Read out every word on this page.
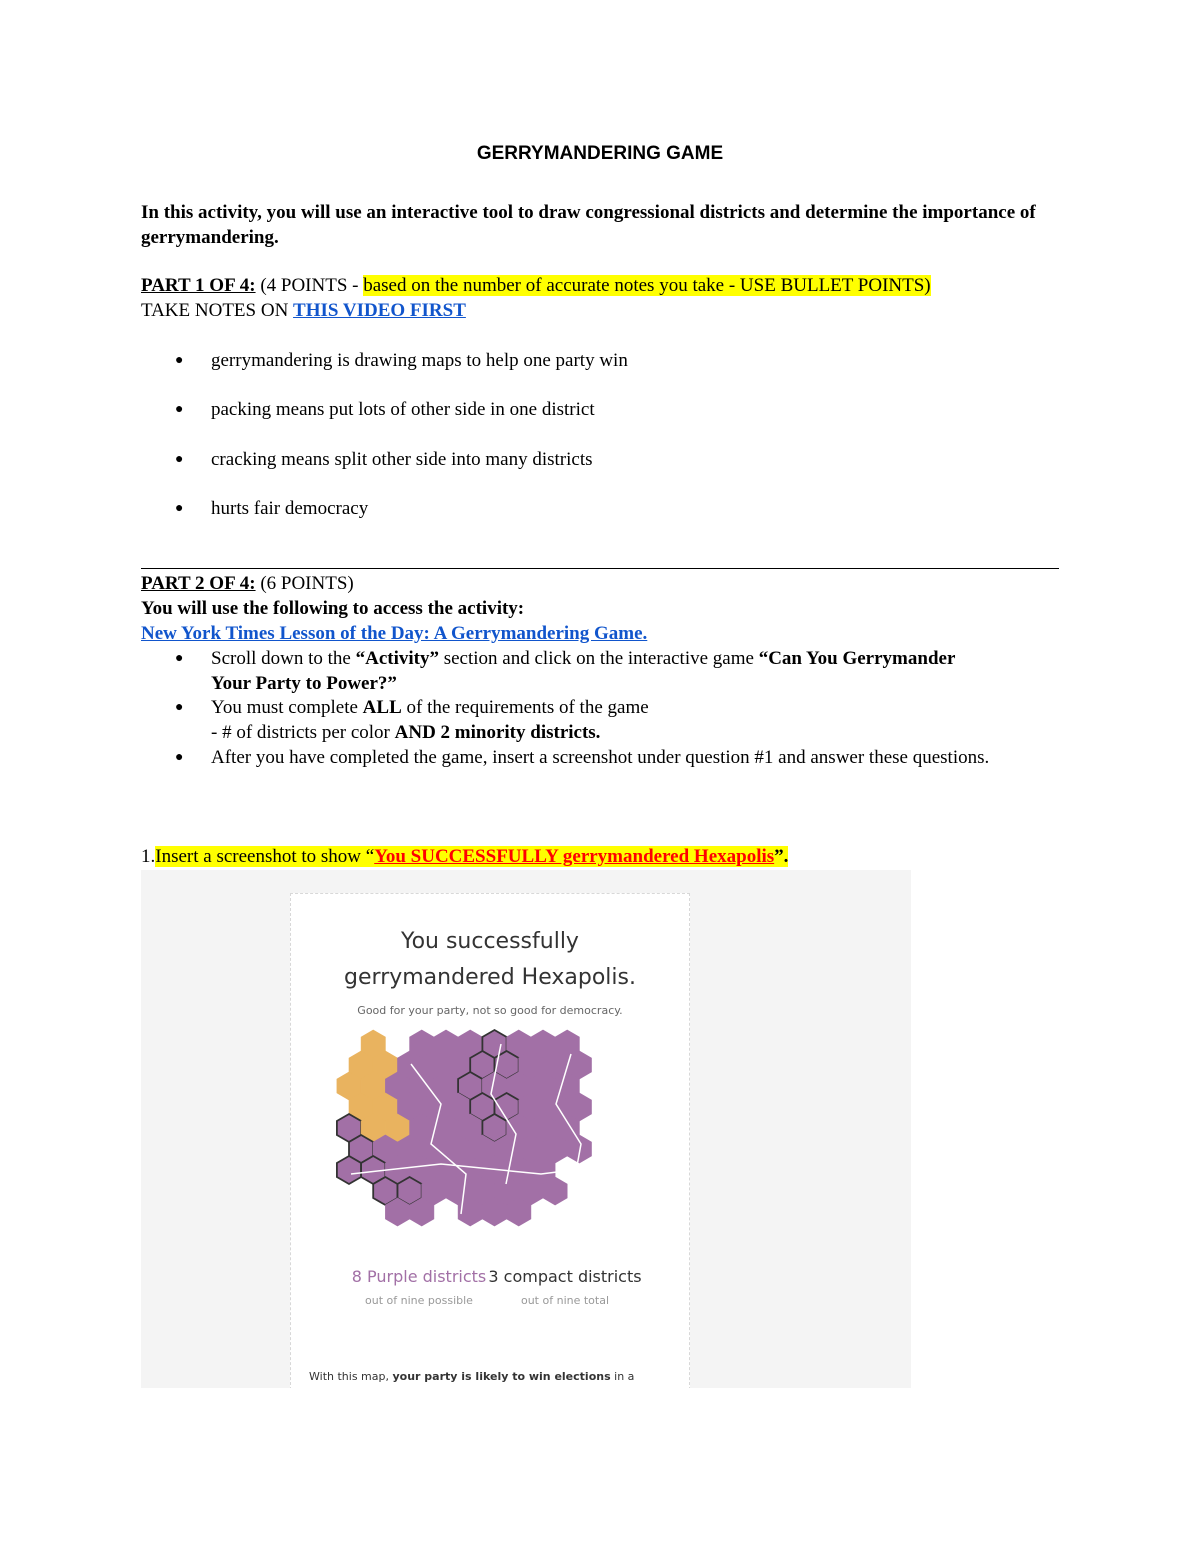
GERRYMANDERING GAME
In this activity, you will use an interactive tool to draw congressional districts and determine the importance of gerrymandering.
PART 1 OF 4: (4 POINTS - based on the number of accurate notes you take - USE BULLET POINTS)
TAKE NOTES ON THIS VIDEO FIRST
● gerrymandering is drawing maps to help one party win
● packing means put lots of other side in one district
● cracking means split other side into many districts
● hurts fair democracy
PART 2 OF 4: (6 POINTS)
You will use the following to access the activity:
New York Times Lesson of the Day: A Gerrymandering Game.
● Scroll down to the “Activity” section and click on the interactive game “Can You Gerrymander Your Party to Power?”
● You must complete ALL of the requirements of the game
- # of districts per color AND 2 minority districts.
● After you have completed the game, insert a screenshot under question #1 and answer these questions.
1.Insert a screenshot to show “You SUCCESSFULLY gerrymandered Hexapolis”.
You successfully
gerrymandered Hexapolis.
Good for your party, not so good for democracy.
8 Purple districts
out of nine possible
3 compact districts
out of nine total
With this map, your party is likely to win elections in a
